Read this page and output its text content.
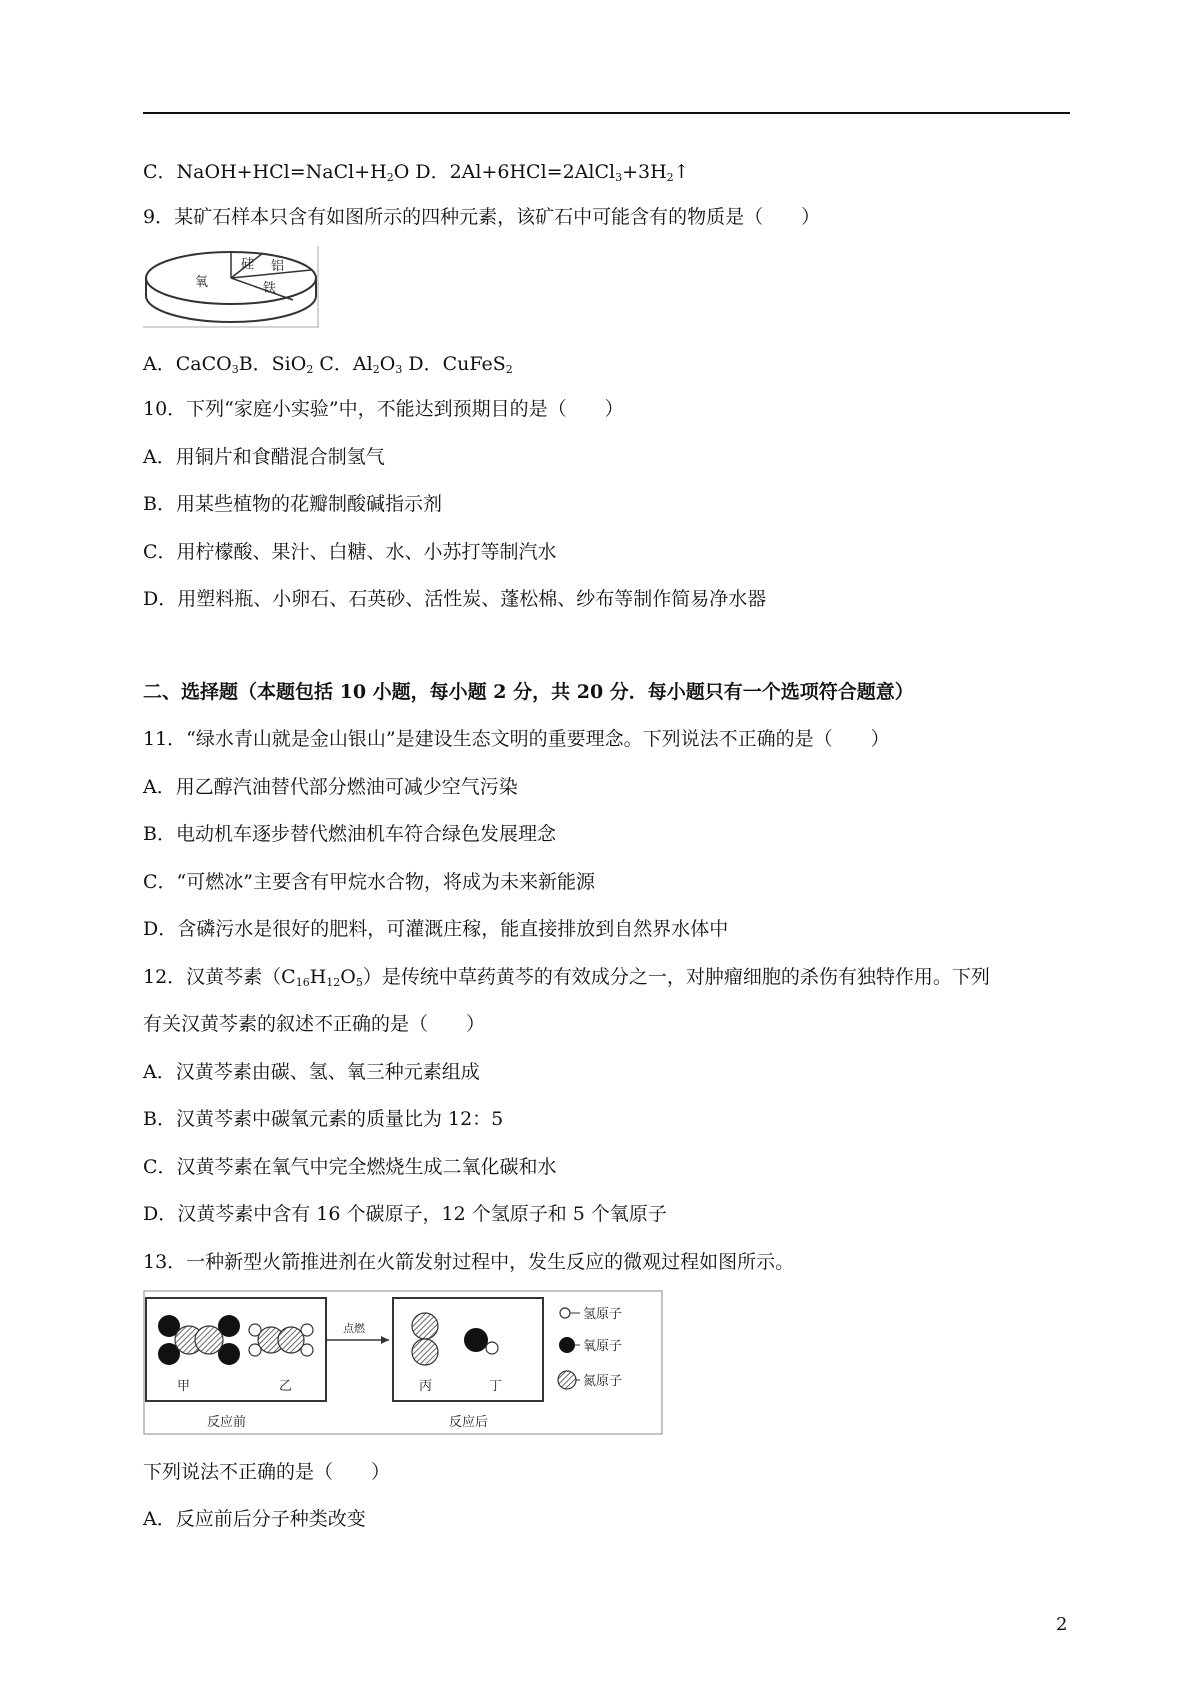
C．$NaOH+HCl=NaCl+H_2O$ D．$2Al+6HCl=2AlCl_3+3H_2↑$
9．某矿石样本只含有如图所示的四种元素，该矿石中可能含有的物质是（　　）
氧
硅 铝
铁
A．CaCO$_3$B．SiO$_2$ C．$Al_2O_3$ D．CuFeS$_2$
10．下列“家庭小实验”中，不能达到预期目的是（　　）
A．用铜片和食醋混合制氢气
B．用某些植物的花瓣制酸碱指示剂
C．用柠檬酸、果汁、白糖、水、小苏打等制汽水
D．用塑料瓶、小卵石、石英砂、活性炭、蓬松棉、纱布等制作简易净水器
二、选择题（本题包括 10 小题，每小题 2 分，共 20 分．每小题只有一个选项符合题意）
11．“绿水青山就是金山银山”是建设生态文明的重要理念。下列说法不正确的是（　　）
A．用乙醇汽油替代部分燃油可减少空气污染
B．电动机车逐步替代燃油机车符合绿色发展理念
C．“可燃冰”主要含有甲烷水合物，将成为未来新能源
D．含磷污水是很好的肥料，可灌溉庄稼，能直接排放到自然界水体中
12．汉黄芩素$(C_{16}H_{12}O_5)$是传统中草药黄芩的有效成分之一，对肿瘤细胞的杀伤有独特作用。下列
有关汉黄芩素的叙述不正确的是（　　）
A．汉黄芩素由碳、氢、氧三种元素组成
B．汉黄芩素中碳氧元素的质量比为 12：5
C．汉黄芩素在氧气中完全燃烧生成二氧化碳和水
D．汉黄芩素中含有 16 个碳原子，12 个氢原子和 5 个氧原子
13．一种新型火箭推进剂在火箭发射过程中，发生反应的微观过程如图所示。
点燃
甲	乙	丙	丁
反应前	反应后
氢原子
氧原子
氮原子
下列说法不正确的是（　　）
A．反应前后分子种类改变
2
